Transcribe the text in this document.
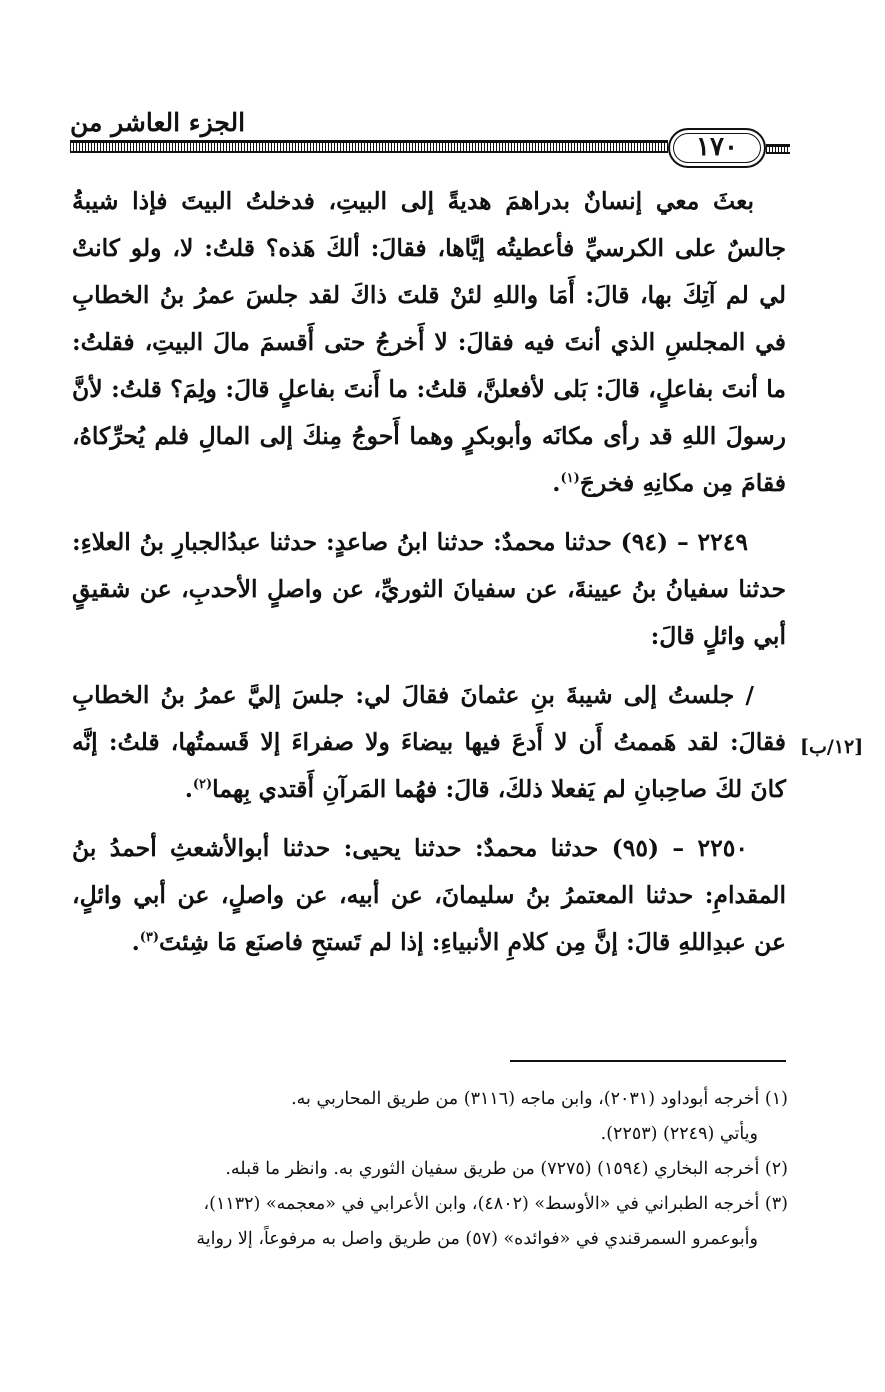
الجزء العاشر من
١٧٠
[١٢/ب]

بعثَ معي إنسانٌ بدراهمَ هديةً إلى البيتِ، فدخلتُ البيتَ فإذا شيبةُ جالسٌ على الكرسيِّ فأعطيتُه إيَّاها، فقالَ: ألكَ هَذه؟ قلتُ: لا، ولو كانتْ لي لم آتِكَ بها، قالَ: أَمَا واللهِ لئنْ قلتَ ذاكَ لقد جلسَ عمرُ بنُ الخطابِ في المجلسِ الذي أنتَ فيه فقالَ: لا أَخرجُ حتى أَقسمَ مالَ البيتِ، فقلتُ: ما أنتَ بفاعلٍ، قالَ: بَلى لأفعلنَّ، قلتُ: ما أَنتَ بفاعلٍ قالَ: ولِمَ؟ قلتُ: لأنَّ رسولَ اللهِ قد رأى مكانَه وأبوبكرٍ وهما أَحوجُ مِنكَ إلى المالِ فلم يُحرِّكاهُ، فقامَ مِن مكانِهِ فخرجَ$^{(١)}$.

٢٢٤٩ – (٩٤) حدثنا محمدٌ: حدثنا ابنُ صاعدٍ: حدثنا عبدُالجبارِ بنُ العلاءِ: حدثنا سفيانُ بنُ عيينةَ، عن سفيانَ الثوريِّ، عن واصلٍ الأحدبِ، عن شقيقٍ أبي وائلٍ قالَ:

/ جلستُ إلى شيبةَ بنِ عثمانَ فقالَ لي: جلسَ إليَّ عمرُ بنُ الخطابِ فقالَ: لقد هَممتُ أَن لا أَدعَ فيها بيضاءَ ولا صفراءَ إلا قَسمتُها، قلتُ: إنَّه كانَ لكَ صاحِبانِ لم يَفعلا ذلكَ، قالَ: فهُما المَرآنِ أَقتدي بِهما$^{(٢)}$.

٢٢٥٠ – (٩٥) حدثنا محمدٌ: حدثنا يحيى: حدثنا أبوالأشعثِ أحمدُ بنُ المقدامِ: حدثنا المعتمرُ بنُ سليمانَ، عن أبيه، عن واصلٍ، عن أبي وائلٍ، عن عبدِاللهِ قالَ: إنَّ مِن كلامِ الأنبياءِ: إذا لم تَستحِ فاصنَع مَا شِئتَ$^{(٣)}$.

(١) أخرجه أبوداود (٢٠٣١)، وابن ماجه (٣١١٦) من طريق المحاربي به.

ويأتي (٢٢٤٩) (٢٢٥٣).

(٢) أخرجه البخاري (١٥٩٤) (٧٢٧٥) من طريق سفيان الثوري به. وانظر ما قبله.

(٣) أخرجه الطبراني في «الأوسط» (٤٨٠٢)، وابن الأعرابي في «معجمه» (١١٣٢)،

وأبوعمرو السمرقندي في «فوائده» (٥٧) من طريق واصل به مرفوعاً، إلا رواية
